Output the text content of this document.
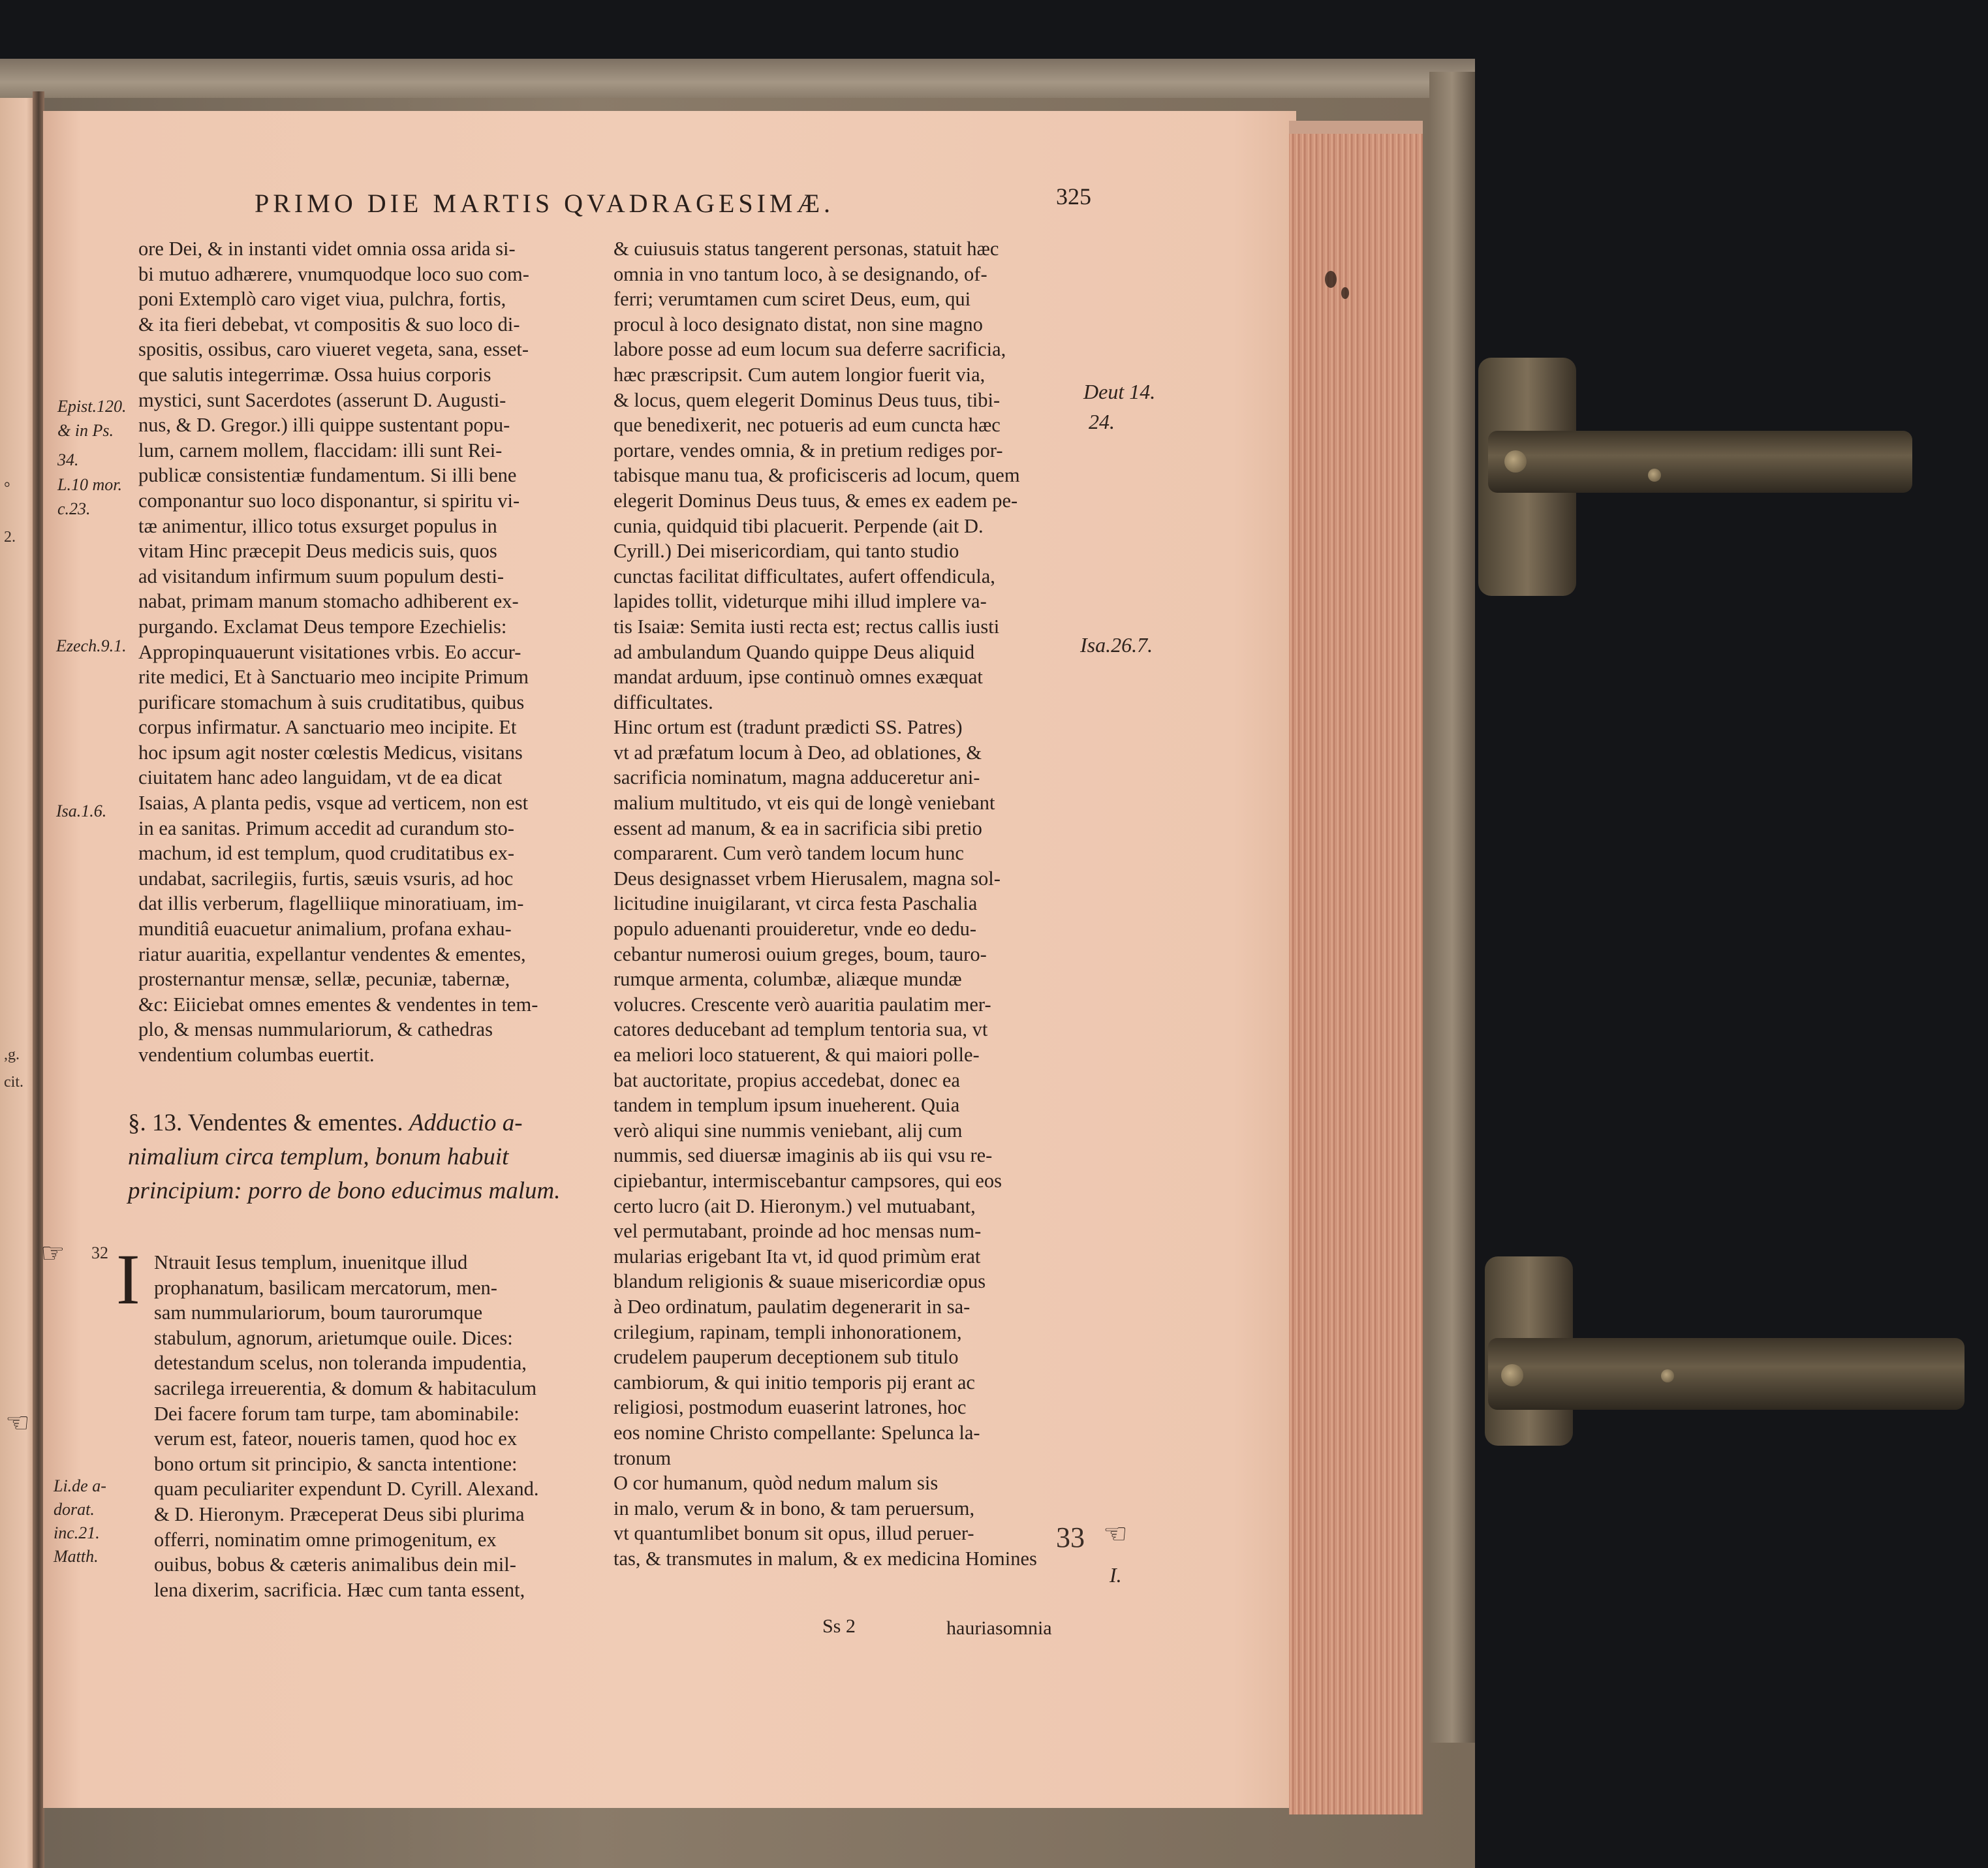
°
2.
,g.
cit.
PRIMO DIE MARTIS QVADRAGESIMÆ.	325
Epist.120.
& in Ps.
34.
L.10 mor.
c.23.
Ezech.9.1.
Isa.1.6.
Li.de a-
dorat.
inc.21.
Matth.
Deut 14.
24.
Isa.26.7.
I.
ore Dei, & in instanti videt omnia ossa arida si-
bi mutuo adhærere, vnumquodque loco suo com-
poni Extemplò caro viget viua, pulchra, fortis,
& ita fieri debebat, vt compositis & suo loco di-
spositis, ossibus, caro viueret vegeta, sana, esset-
que salutis integerrimæ. Ossa huius corporis
mystici, sunt Sacerdotes (asserunt D. Augusti-
nus, & D. Gregor.) illi quippe sustentant popu-
lum, carnem mollem, flaccidam: illi sunt Rei-
publicæ consistentiæ fundamentum. Si illi bene
componantur suo loco disponantur, si spiritu vi-
tæ animentur, illico totus exsurget populus in
vitam Hinc præcepit Deus medicis suis, quos
ad visitandum infirmum suum populum desti-
nabat, primam manum stomacho adhiberent ex-
purgando. Exclamat Deus tempore Ezechielis:
Appropinquauerunt visitationes vrbis. Eo accur-
rite medici, Et à Sanctuario meo incipite Primum
purificare stomachum à suis cruditatibus, quibus
corpus infirmatur. A sanctuario meo incipite. Et
hoc ipsum agit noster cœlestis Medicus, visitans
ciuitatem hanc adeo languidam, vt de ea dicat
Isaias, A planta pedis, vsque ad verticem, non est
in ea sanitas. Primum accedit ad curandum sto-
machum, id est templum, quod cruditatibus ex-
undabat, sacrilegiis, furtis, sæuis vsuris, ad hoc
dat illis verberum, flagelliique minoratiuam, im-
munditiâ euacuetur animalium, profana exhau-
riatur auaritia, expellantur vendentes & ementes,
prosternantur mensæ, sellæ, pecuniæ, tabernæ,
&c: Eiiciebat omnes ementes & vendentes in tem-
plo, & mensas nummulariorum, & cathedras
vendentium columbas euertit.
§. 13. Vendentes & ementes. Adductio a-
nimalium circa templum, bonum habuit
principium: porro de bono educimus malum.
☞ 32
☜
33 ☜
I Ntrauit Iesus templum, inuenitque illud
prophanatum, basilicam mercatorum, men-
sam nummulariorum, boum taurorumque
stabulum, agnorum, arietumque ouile. Dices:
detestandum scelus, non toleranda impudentia,
sacrilega irreuerentia, & domum & habitaculum
Dei facere forum tam turpe, tam abominabile:
verum est, fateor, noueris tamen, quod hoc ex
bono ortum sit principio, & sancta intentione:
quam peculiariter expendunt D. Cyrill. Alexand.
& D. Hieronym. Præceperat Deus sibi plurima
offerri, nominatim omne primogenitum, ex
ouibus, bobus & cæteris animalibus dein mil-
lena dixerim, sacrificia. Hæc cum tanta essent,
& cuiusuis status tangerent personas, statuit hæc
omnia in vno tantum loco, à se designando, of-
ferri; verumtamen cum sciret Deus, eum, qui
procul à loco designato distat, non sine magno
labore posse ad eum locum sua deferre sacrificia,
hæc præscripsit. Cum autem longior fuerit via,
& locus, quem elegerit Dominus Deus tuus, tibi-
que benedixerit, nec potueris ad eum cuncta hæc
portare, vendes omnia, & in pretium rediges por-
tabisque manu tua, & proficisceris ad locum, quem
elegerit Dominus Deus tuus, & emes ex eadem pe-
cunia, quidquid tibi placuerit. Perpende (ait D.
Cyrill.) Dei misericordiam, qui tanto studio
cunctas facilitat difficultates, aufert offendicula,
lapides tollit, videturque mihi illud implere va-
tis Isaiæ: Semita iusti recta est; rectus callis iusti
ad ambulandum Quando quippe Deus aliquid
mandat arduum, ipse continuò omnes exæquat
difficultates.
Hinc ortum est (tradunt prædicti SS. Patres)
vt ad præfatum locum à Deo, ad oblationes, &
sacrificia nominatum, magna adduceretur ani-
malium multitudo, vt eis qui de longè veniebant
essent ad manum, & ea in sacrificia sibi pretio
compararent. Cum verò tandem locum hunc
Deus designasset vrbem Hierusalem, magna sol-
licitudine inuigilarant, vt circa festa Paschalia
populo aduenanti prouideretur, vnde eo dedu-
cebantur numerosi ouium greges, boum, tauro-
rumque armenta, columbæ, aliæque mundæ
volucres. Crescente verò auaritia paulatim mer-
catores deducebant ad templum tentoria sua, vt
ea meliori loco statuerent, & qui maiori polle-
bat auctoritate, propius accedebat, donec ea
tandem in templum ipsum inueherent. Quia
verò aliqui sine nummis veniebant, alij cum
nummis, sed diuersæ imaginis ab iis qui vsu re-
cipiebantur, intermiscebantur campsores, qui eos
certo lucro (ait D. Hieronym.) vel mutuabant,
vel permutabant, proinde ad hoc mensas num-
mularias erigebant Ita vt, id quod primùm erat
blandum religionis & suaue misericordiæ opus
à Deo ordinatum, paulatim degenerarit in sa-
crilegium, rapinam, templi inhonorationem,
crudelem pauperum deceptionem sub titulo
cambiorum, & qui initio temporis pij erant ac
religiosi, postmodum euaserint latrones, hoc
eos nomine Christo compellante: Spelunca la-
tronum
O cor humanum, quòd nedum malum sis
in malo, verum & in bono, & tam peruersum,
vt quantumlibet bonum sit opus, illud peruer-
tas, & transmutes in malum, & ex medicina Homines
Ss 2	hauriasomnia
